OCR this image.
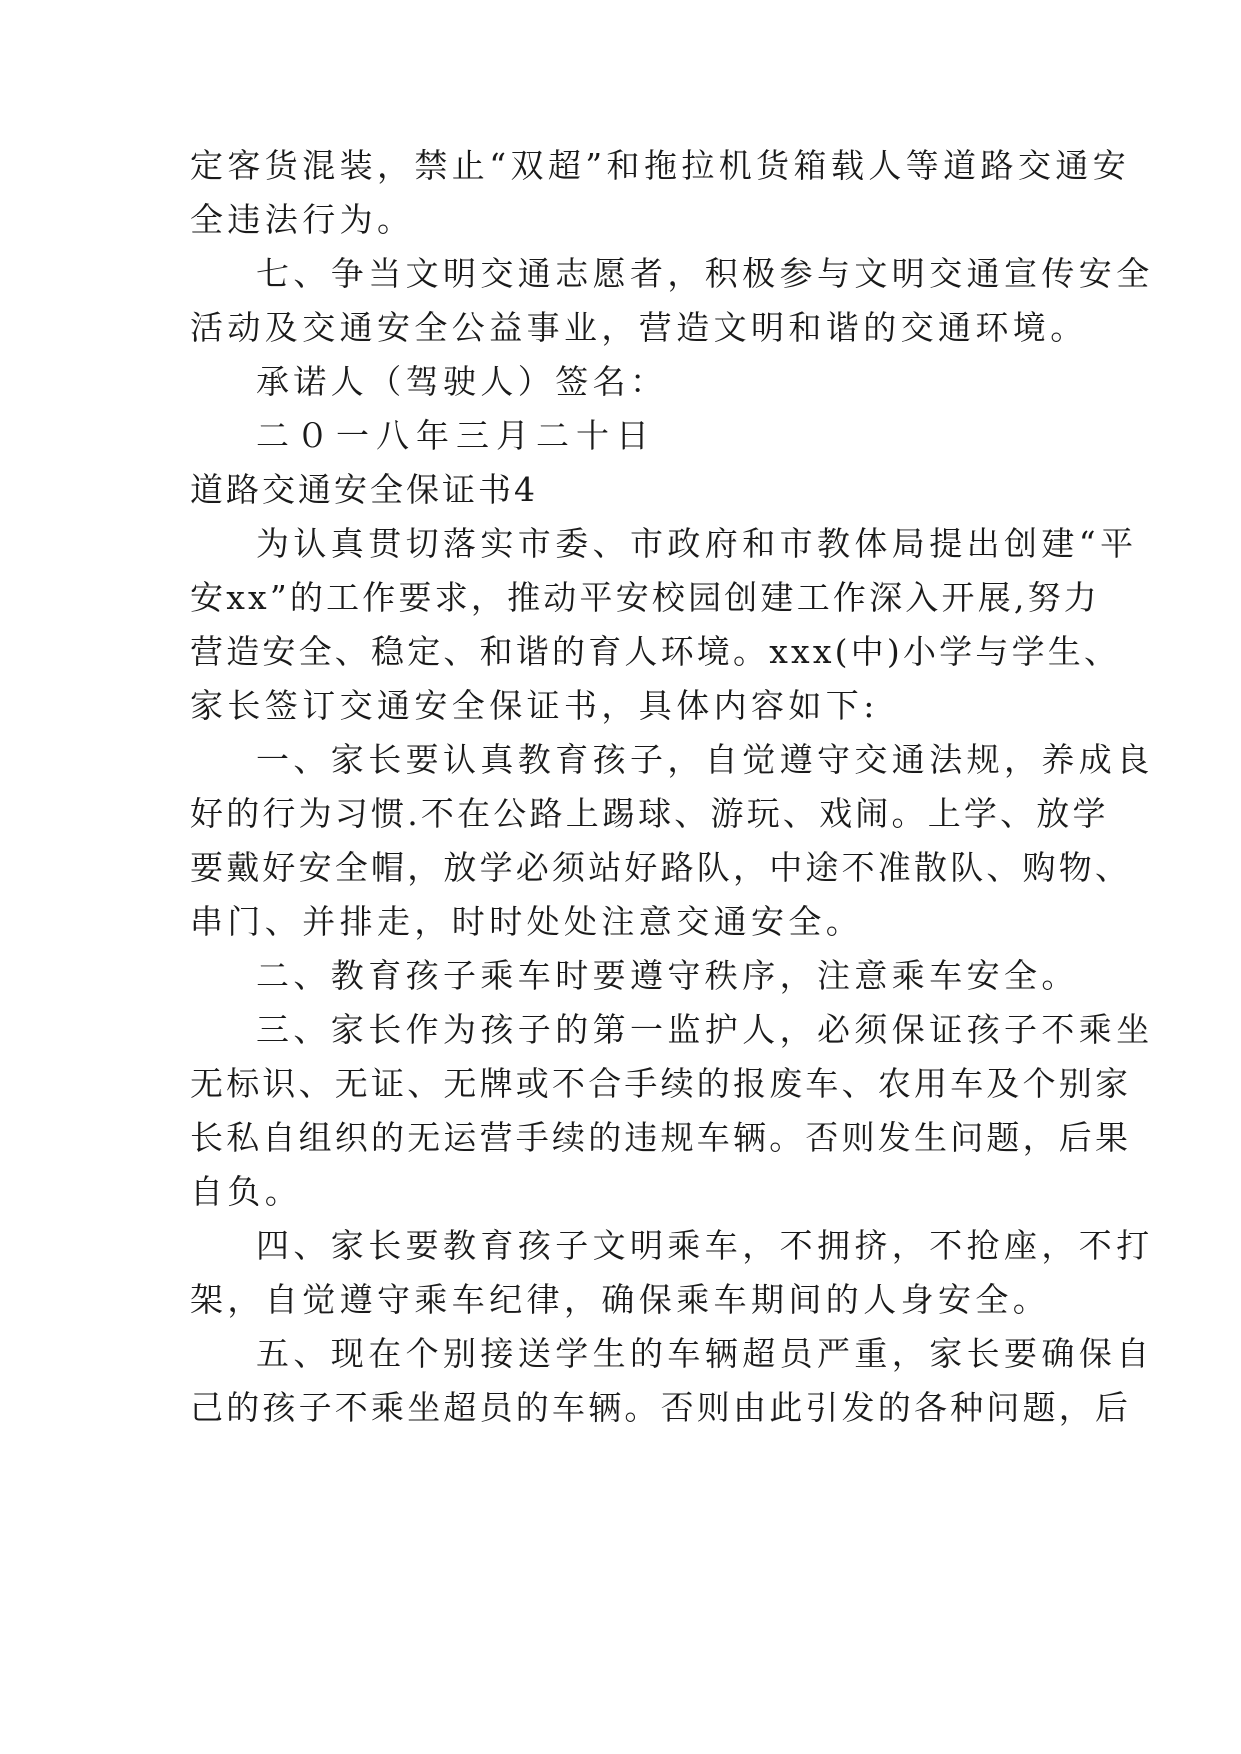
定客货混装，禁止“双超”和拖拉机货箱载人等道路交通安
全违法行为。
七、争当文明交通志愿者，积极参与文明交通宣传安全
活动及交通安全公益事业，营造文明和谐的交通环境。
承诺人（驾驶人）签名：
二０一八年三月二十日
道路交通安全保证书4
为认真贯切落实市委、市政府和市教体局提出创建“平
安xx”的工作要求，推动平安校园创建工作深入开展,努力
营造安全、稳定、和谐的育人环境。xxx(中)小学与学生、
家长签订交通安全保证书，具体内容如下:
一、家长要认真教育孩子，自觉遵守交通法规，养成良
好的行为习惯.不在公路上踢球、游玩、戏闹。上学、放学
要戴好安全帽，放学必须站好路队，中途不准散队、购物、
串门、并排走，时时处处注意交通安全。
二、教育孩子乘车时要遵守秩序，注意乘车安全。
三、家长作为孩子的第一监护人，必须保证孩子不乘坐
无标识、无证、无牌或不合手续的报废车、农用车及个别家
长私自组织的无运营手续的违规车辆。否则发生问题，后果
自负。
四、家长要教育孩子文明乘车，不拥挤，不抢座，不打
架，自觉遵守乘车纪律，确保乘车期间的人身安全。
五、现在个别接送学生的车辆超员严重，家长要确保自
己的孩子不乘坐超员的车辆。否则由此引发的各种问题，后
